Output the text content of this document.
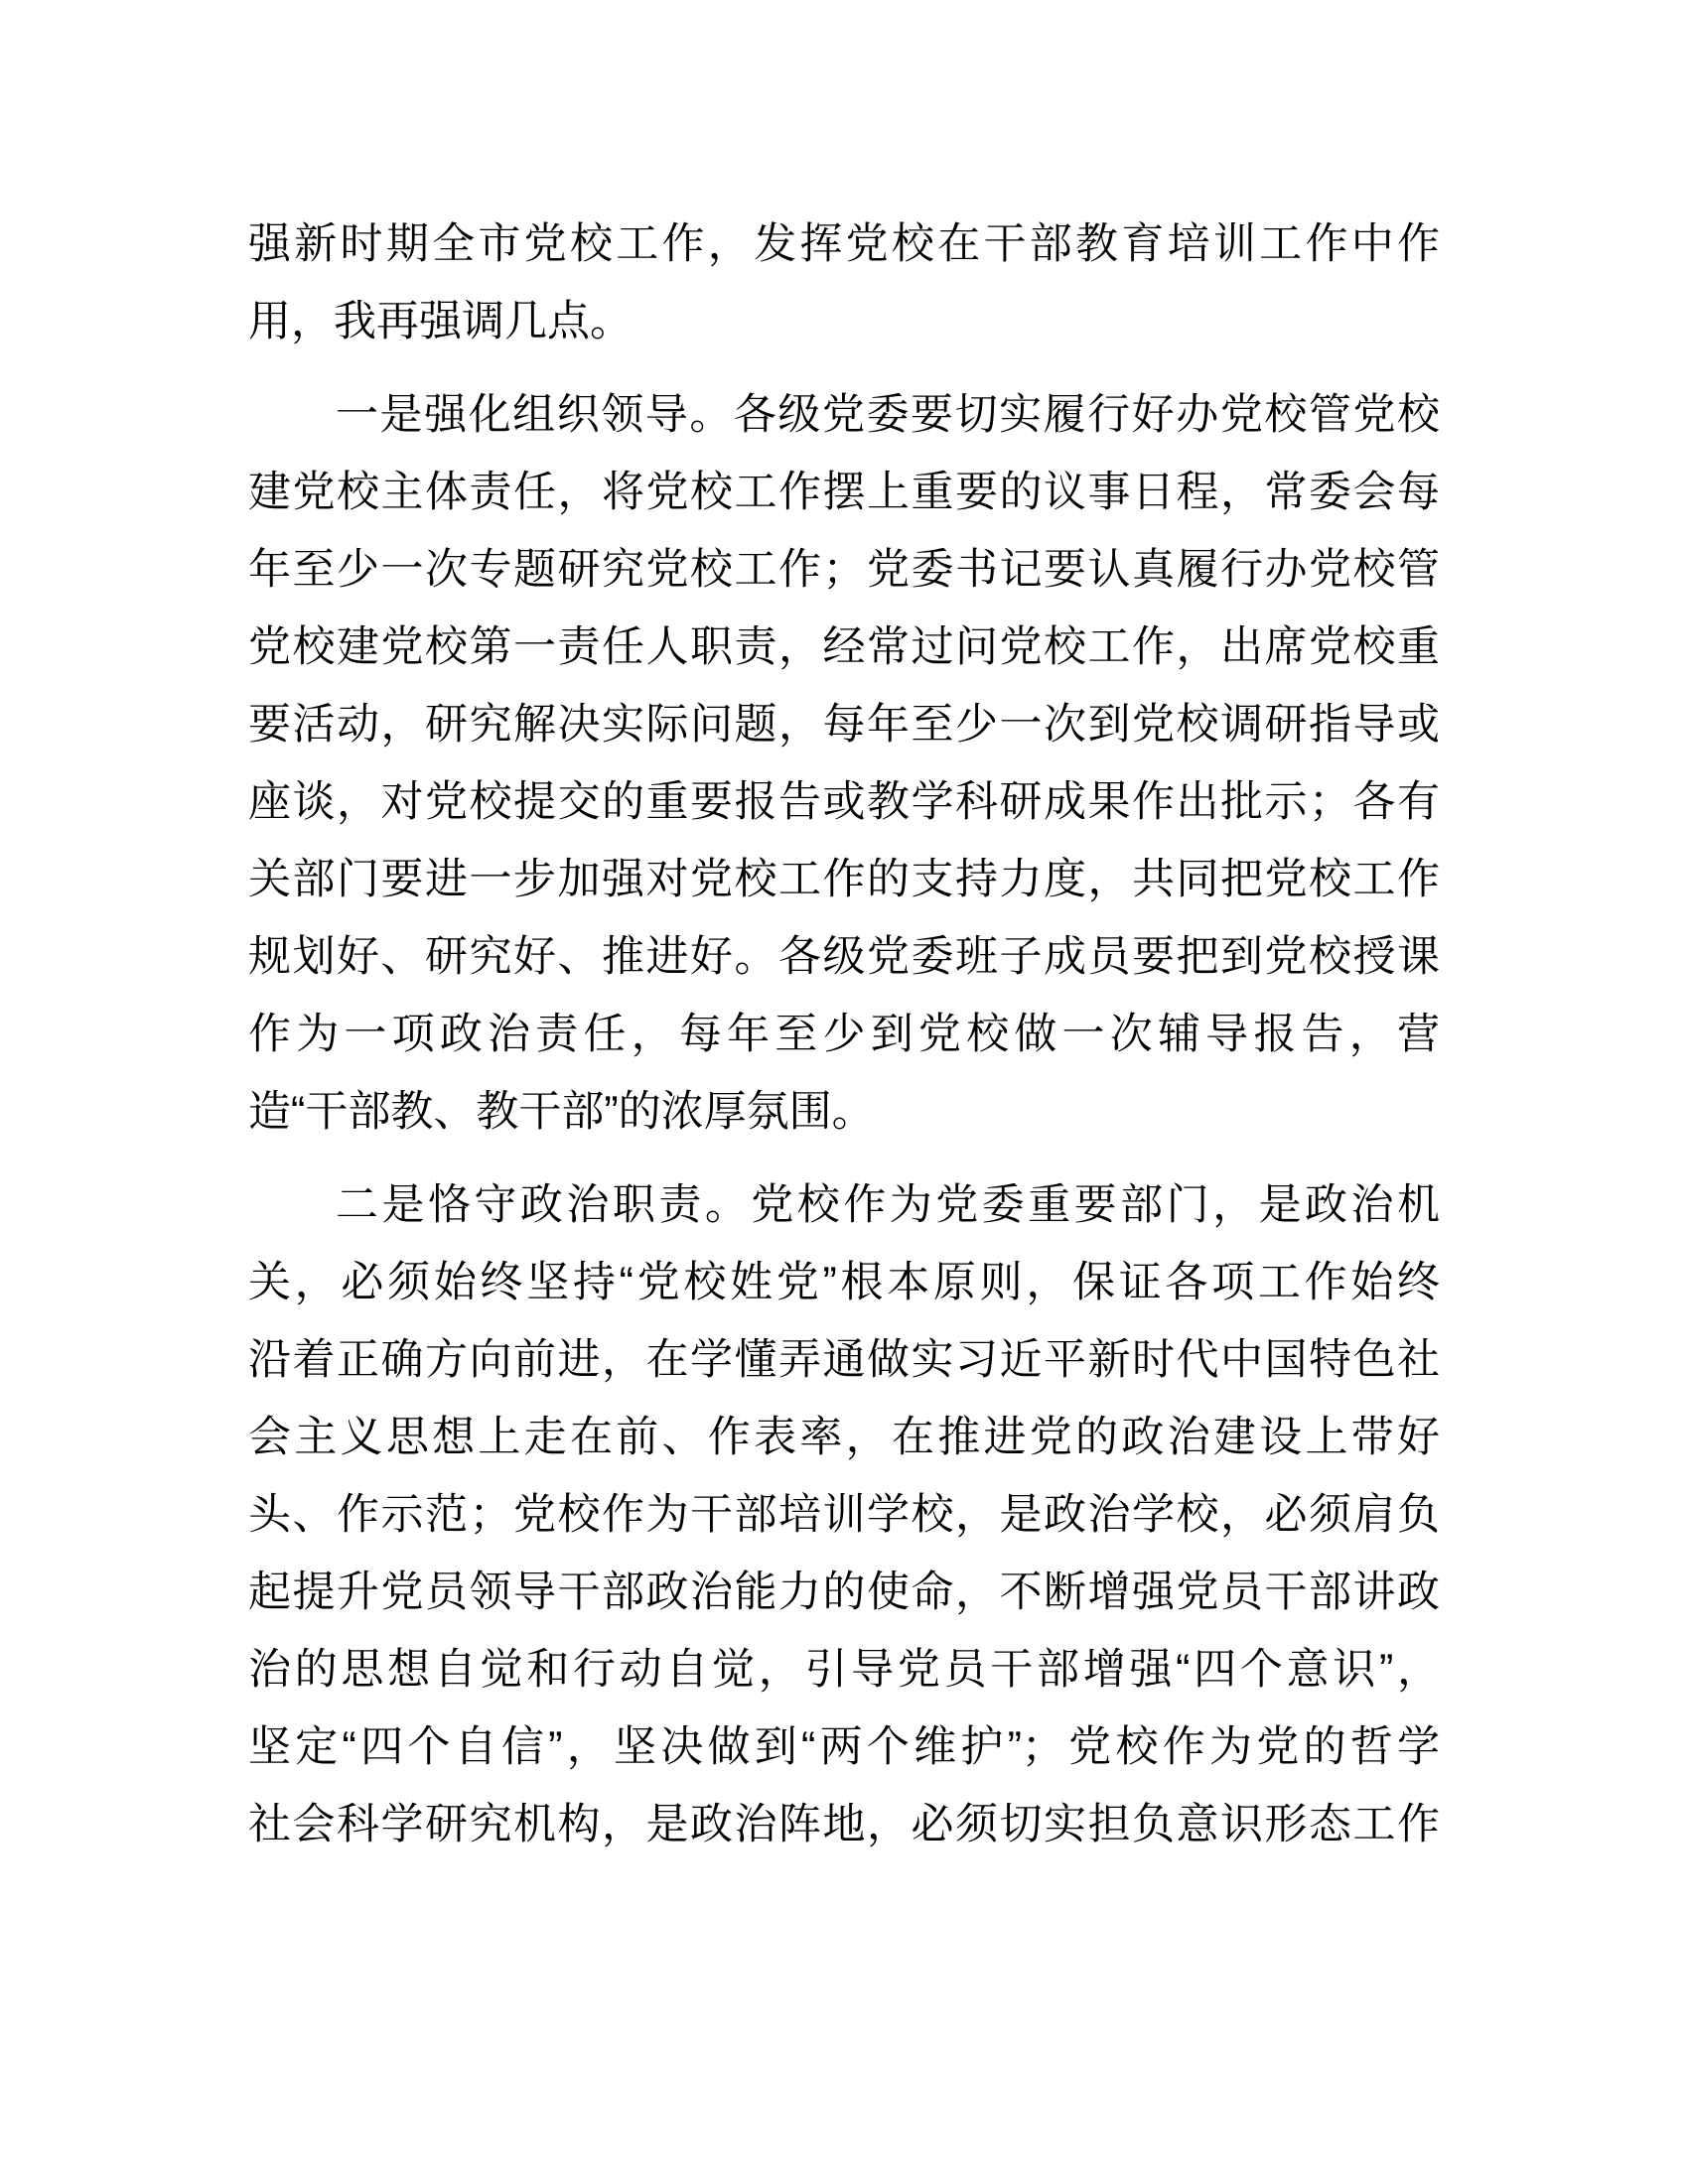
强新时期全市党校工作，发挥党校在干部教育培训工作中作
用，我再强调几点。
一是强化组织领导。各级党委要切实履行好办党校管党校
建党校主体责任，将党校工作摆上重要的议事日程，常委会每
年至少一次专题研究党校工作；党委书记要认真履行办党校管
党校建党校第一责任人职责，经常过问党校工作，出席党校重
要活动，研究解决实际问题，每年至少一次到党校调研指导或
座谈，对党校提交的重要报告或教学科研成果作出批示；各有
关部门要进一步加强对党校工作的支持力度，共同把党校工作
规划好、研究好、推进好。各级党委班子成员要把到党校授课
作为一项政治责任，每年至少到党校做一次辅导报告，营
造“干部教、教干部”的浓厚氛围。
二是恪守政治职责。党校作为党委重要部门，是政治机
关，必须始终坚持“党校姓党”根本原则，保证各项工作始终
沿着正确方向前进，在学懂弄通做实习近平新时代中国特色社
会主义思想上走在前、作表率，在推进党的政治建设上带好
头、作示范；党校作为干部培训学校，是政治学校，必须肩负
起提升党员领导干部政治能力的使命，不断增强党员干部讲政
治的思想自觉和行动自觉，引导党员干部增强“四个意识”，
坚定“四个自信”，坚决做到“两个维护”；党校作为党的哲学
社会科学研究机构，是政治阵地，必须切实担负意识形态工作
